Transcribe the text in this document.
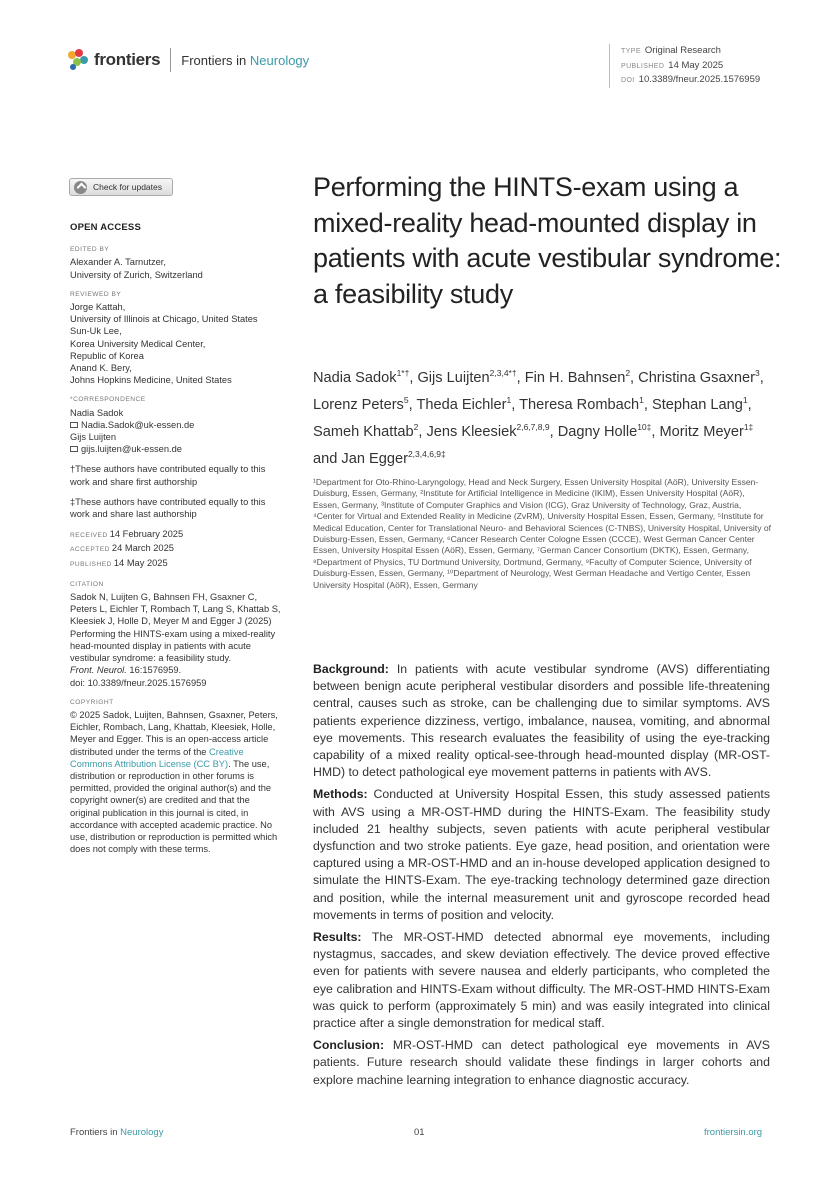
frontiers Frontiers in Neurology
TYPE Original Research
PUBLISHED 14 May 2025
DOI 10.3389/fneur.2025.1576959
Check for updates
OPEN ACCESS
EDITED BY
Alexander A. Tarnutzer,
University of Zurich, Switzerland
REVIEWED BY
Jorge Kattah,
University of Illinois at Chicago, United States
Sun-Uk Lee,
Korea University Medical Center,
Republic of Korea
Anand K. Bery,
Johns Hopkins Medicine, United States
*CORRESPONDENCE
Nadia Sadok
Nadia.Sadok@uk-essen.de
Gijs Luijten
gijs.luijten@uk-essen.de
†These authors have contributed equally to this work and share first authorship
‡These authors have contributed equally to this work and share last authorship
RECEIVED 14 February 2025
ACCEPTED 24 March 2025
PUBLISHED 14 May 2025
CITATION
Sadok N, Luijten G, Bahnsen FH, Gsaxner C, Peters L, Eichler T, Rombach T, Lang S, Khattab S, Kleesiek J, Holle D, Meyer M and Egger J (2025) Performing the HINTS-exam using a mixed-reality head-mounted display in patients with acute vestibular syndrome: a feasibility study.
Front. Neurol. 16:1576959.
doi: 10.3389/fneur.2025.1576959
COPYRIGHT
© 2025 Sadok, Luijten, Bahnsen, Gsaxner, Peters, Eichler, Rombach, Lang, Khattab, Kleesiek, Holle, Meyer and Egger. This is an open-access article distributed under the terms of the Creative Commons Attribution License (CC BY). The use, distribution or reproduction in other forums is permitted, provided the original author(s) and the copyright owner(s) are credited and that the original publication in this journal is cited, in accordance with accepted academic practice. No use, distribution or reproduction is permitted which does not comply with these terms.
Performing the HINTS-exam using a mixed-reality head-mounted display in patients with acute vestibular syndrome: a feasibility study
Nadia Sadok$^{1*\dagger}$, Gijs Luijten$^{2,3,4*\dagger}$, Fin H. Bahnsen$^2$, Christina Gsaxner$^3$, Lorenz Peters$^5$, Theda Eichler$^1$, Theresa Rombach$^1$, Stephan Lang$^1$, Sameh Khattab$^2$, Jens Kleesiek$^{2,6,7,8,9}$, Dagny Holle$^{10\ddagger}$, Moritz Meyer$^{1\ddagger}$ and Jan Egger$^{2,3,4,6,9\ddagger}$
¹Department for Oto-Rhino-Laryngology, Head and Neck Surgery, Essen University Hospital (AöR), University Essen-Duisburg, Essen, Germany, ²Institute for Artificial Intelligence in Medicine (IKIM), Essen University Hospital (AöR), Essen, Germany, ³Institute of Computer Graphics and Vision (ICG), Graz University of Technology, Graz, Austria, ⁴Center for Virtual and Extended Reality in Medicine (ZvRM), University Hospital Essen, Essen, Germany, ⁵Institute for Medical Education, Center for Translational Neuro- and Behavioral Sciences (C-TNBS), University Hospital, University of Duisburg-Essen, Essen, Germany, ⁶Cancer Research Center Cologne Essen (CCCE), West German Cancer Center Essen, University Hospital Essen (AöR), Essen, Germany, ⁷German Cancer Consortium (DKTK), Essen, Germany, ⁸Department of Physics, TU Dortmund University, Dortmund, Germany, ⁹Faculty of Computer Science, University of Duisburg-Essen, Essen, Germany, ¹⁰Department of Neurology, West German Headache and Vertigo Center, Essen University Hospital (AöR), Essen, Germany

Background: In patients with acute vestibular syndrome (AVS) differentiating between benign acute peripheral vestibular disorders and possible life-threatening central, causes such as stroke, can be challenging due to similar symptoms. AVS patients experience dizziness, vertigo, imbalance, nausea, vomiting, and abnormal eye movements. This research evaluates the feasibility of using the eye-tracking capability of a mixed reality optical-see-through head-mounted display (MR-OST-HMD) to detect pathological eye movement patterns in patients with AVS.

Methods: Conducted at University Hospital Essen, this study assessed patients with AVS using a MR-OST-HMD during the HINTS-Exam. The feasibility study included 21 healthy subjects, seven patients with acute peripheral vestibular dysfunction and two stroke patients. Eye gaze, head position, and orientation were captured using a MR-OST-HMD and an in-house developed application designed to simulate the HINTS-Exam. The eye-tracking technology determined gaze direction and position, while the internal measurement unit and gyroscope recorded head movements in terms of position and velocity.

Results: The MR-OST-HMD detected abnormal eye movements, including nystagmus, saccades, and skew deviation effectively. The device proved effective even for patients with severe nausea and elderly participants, who completed the eye calibration and HINTS-Exam without difficulty. The MR-OST-HMD HINTS-Exam was quick to perform (approximately 5 min) and was easily integrated into clinical practice after a single demonstration for medical staff.

Conclusion: MR-OST-HMD can detect pathological eye movements in AVS patients. Future research should validate these findings in larger cohorts and explore machine learning integration to enhance diagnostic accuracy.

Frontiers in Neurology	01	frontiersin.org
